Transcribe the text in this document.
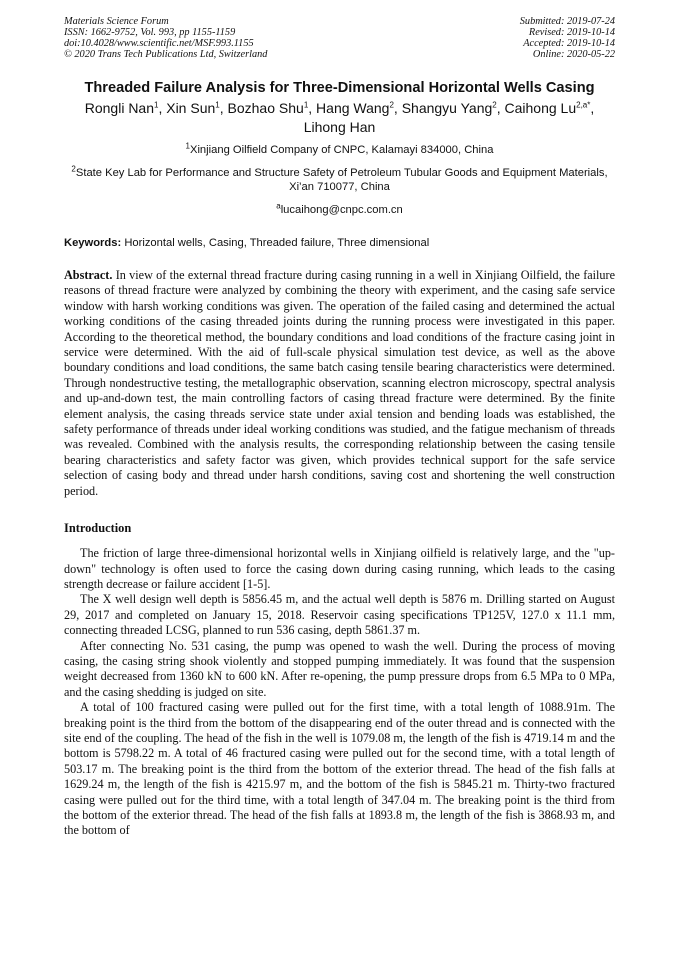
Materials Science Forum
ISSN: 1662-9752, Vol. 993, pp 1155-1159
doi:10.4028/www.scientific.net/MSF.993.1155
© 2020 Trans Tech Publications Ltd, Switzerland
Submitted: 2019-07-24
Revised: 2019-10-14
Accepted: 2019-10-14
Online: 2020-05-22
Threaded Failure Analysis for Three-Dimensional Horizontal Wells Casing
Rongli Nan$^1$, Xin Sun$^1$, Bozhao Shu$^1$, Hang Wang$^2$, Shangyu Yang$^2$, Caihong $Lu^{2,a*}$, Lihong Han
$^1$Xinjiang Oilfield Company of CNPC, Kalamayi 834000, China
$^2$State Key Lab for Performance and Structure Safety of Petroleum Tubular Goods and Equipment Materials, Xi’an 710077, China
$^a$lucaihong@cnpc.com.cn
Keywords: Horizontal wells, Casing, Threaded failure, Three dimensional
Abstract. In view of the external thread fracture during casing running in a well in Xinjiang Oilfield, the failure reasons of thread fracture were analyzed by combining the theory with experiment, and the casing safe service window with harsh working conditions was given. The operation of the failed casing and determined the actual working conditions of the casing threaded joints during the running process were investigated in this paper. According to the theoretical method, the boundary conditions and load conditions of the fracture casing joint in service were determined. With the aid of full-scale physical simulation test device, as well as the above boundary conditions and load conditions, the same batch casing tensile bearing characteristics were determined. Through nondestructive testing, the metallographic observation, scanning electron microscopy, spectral analysis and up-and-down test, the main controlling factors of casing thread fracture were determined. By the finite element analysis, the casing threads service state under axial tension and bending loads was established, the safety performance of threads under ideal working conditions was studied, and the fatigue mechanism of threads was revealed. Combined with the analysis results, the corresponding relationship between the casing tensile bearing characteristics and safety factor was given, which provides technical support for the safe service selection of casing body and thread under harsh conditions, saving cost and shortening the well construction period.
Introduction

The friction of large three-dimensional horizontal wells in Xinjiang oilfield is relatively large, and the "up-down" technology is often used to force the casing down during casing running, which leads to the casing strength decrease or failure accident [1-5].

The X well design well depth is 5856.45 m, and the actual well depth is 5876 m. Drilling started on August 29, 2017 and completed on January 15, 2018. Reservoir casing specifications TP125V, 127.0 x 11.1 mm, connecting threaded LCSG, planned to run 536 casing, depth 5861.37 m.

After connecting No. 531 casing, the pump was opened to wash the well. During the process of moving casing, the casing string shook violently and stopped pumping immediately. It was found that the suspension weight decreased from 1360 kN to 600 kN. After re-opening, the pump pressure drops from 6.5 MPa to 0 MPa, and the casing shedding is judged on site.

A total of 100 fractured casing were pulled out for the first time, with a total length of 1088.91m. The breaking point is the third from the bottom of the disappearing end of the outer thread and is connected with the site end of the coupling. The head of the fish in the well is 1079.08 m, the length of the fish is 4719.14 m and the bottom is 5798.22 m. A total of 46 fractured casing were pulled out for the second time, with a total length of 503.17 m. The breaking point is the third from the bottom of the exterior thread. The head of the fish falls at 1629.24 m, the length of the fish is 4215.97 m, and the bottom of the fish is 5845.21 m. Thirty-two fractured casing were pulled out for the third time, with a total length of 347.04 m. The breaking point is the third from the bottom of the exterior thread. The head of the fish falls at 1893.8 m, the length of the fish is 3868.93 m, and the bottom of
